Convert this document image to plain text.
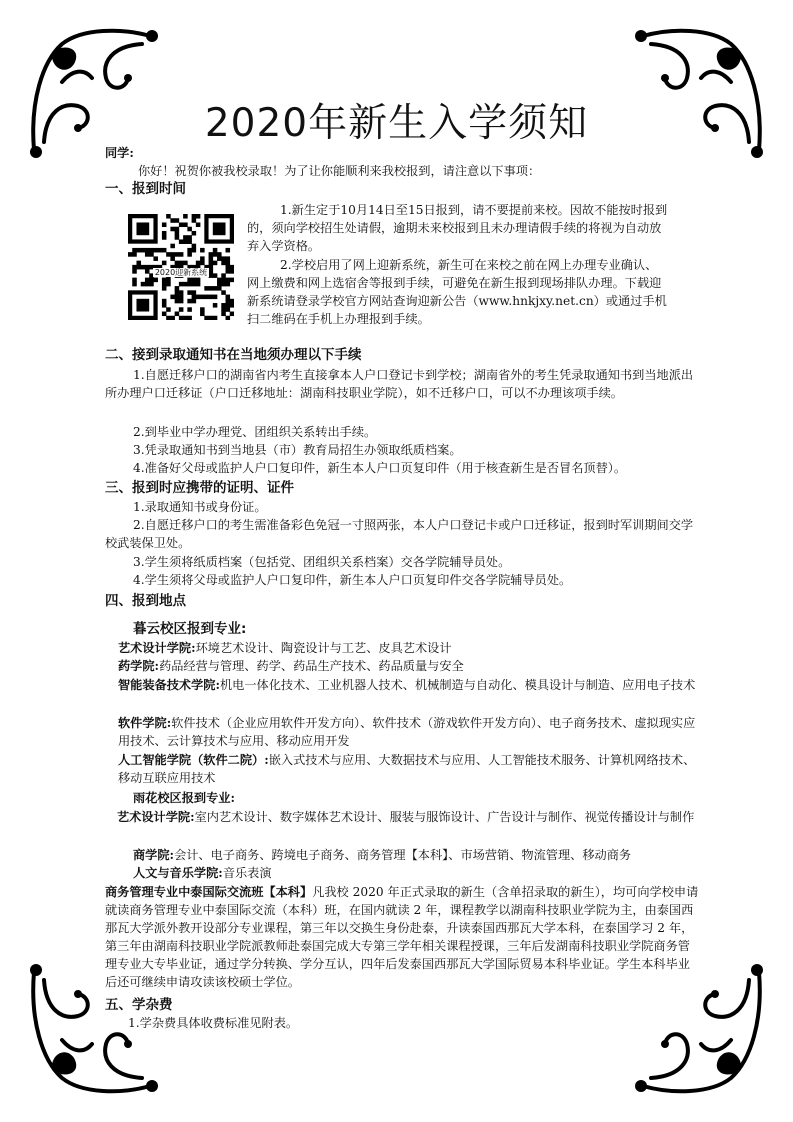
2020年新生入学须知
同学:
你好！祝贺你被我校录取！为了让你能顺利来我校报到，请注意以下事项：
一、报到时间
2020迎新系统
1.新生定于10月14日至15日报到，请不要提前来校。因故不能按时报到
的，须向学校招生处请假，逾期未来校报到且未办理请假手续的将视为自动放
弃入学资格。
2.学校启用了网上迎新系统，新生可在来校之前在网上办理专业确认、
网上缴费和网上选宿舍等报到手续，可避免在新生报到现场排队办理。下载迎
新系统请登录学校官方网站查询迎新公告（www.hnkjxy.net.cn）或通过手机
扫二维码在手机上办理报到手续。
二、接到录取通知书在当地须办理以下手续
1.自愿迁移户口的湖南省内考生直接拿本人户口登记卡到学校；湖南省外的考生凭录取通知书到当地派出所办理户口迁移证（户口迁移地址：湖南科技职业学院），如不迁移户口，可以不办理该项手续。
2.到毕业中学办理党、团组织关系转出手续。
3.凭录取通知书到当地县（市）教育局招生办领取纸质档案。
4.准备好父母或监护人户口复印件，新生本人户口页复印件（用于核查新生是否冒名顶替）。
三、报到时应携带的证明、证件
1.录取通知书或身份证。
2.自愿迁移户口的考生需准备彩色免冠一寸照两张，本人户口登记卡或户口迁移证，报到时军训期间交学校武装保卫处。
3.学生须将纸质档案（包括党、团组织关系档案）交各学院辅导员处。
4.学生须将父母或监护人户口复印件，新生本人户口页复印件交各学院辅导员处。
四、报到地点
暮云校区报到专业:
艺术设计学院:环境艺术设计、陶瓷设计与工艺、皮具艺术设计
药学院:药品经营与管理、药学、药品生产技术、药品质量与安全
智能装备技术学院:机电一体化技术、工业机器人技术、机械制造与自动化、模具设计与制造、应用电子技术
软件学院:软件技术（企业应用软件开发方向）、软件技术（游戏软件开发方向）、电子商务技术、虚拟现实应用技术、云计算技术与应用、移动应用开发
人工智能学院（软件二院）:嵌入式技术与应用、大数据技术与应用、人工智能技术服务、计算机网络技术、移动互联应用技术
雨花校区报到专业:
艺术设计学院:室内艺术设计、数字媒体艺术设计、服装与服饰设计、广告设计与制作、视觉传播设计与制作
商学院:会计、电子商务、跨境电子商务、商务管理【本科】、市场营销、物流管理、移动商务
人文与音乐学院:音乐表演
商务管理专业中泰国际交流班【本科】凡我校 2020 年正式录取的新生（含单招录取的新生），均可向学校申请就读商务管理专业中泰国际交流（本科）班，在国内就读 2 年，课程教学以湖南科技职业学院为主，由泰国西那瓦大学派外教开设部分专业课程，第三年以交换生身份赴泰，升读泰国西那瓦大学本科，在泰国学习 2 年，第三年由湖南科技职业学院派教师赴泰国完成大专第三学年相关课程授课，三年后发湖南科技职业学院商务管理专业大专毕业证，通过学分转换、学分互认，四年后发泰国西那瓦大学国际贸易本科毕业证。学生本科毕业后还可继续申请攻读该校硕士学位。
五、学杂费
1.学杂费具体收费标准见附表。
